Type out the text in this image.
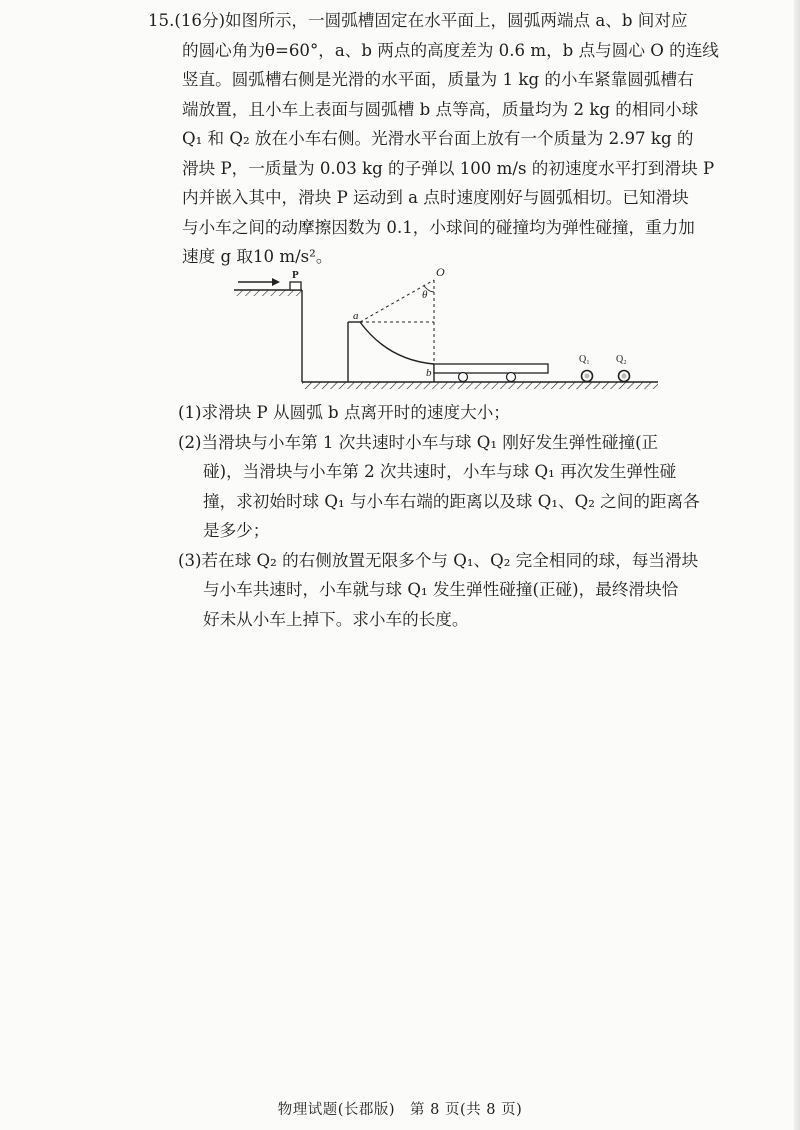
15.(16分)如图所示，一圆弧槽固定在水平面上，圆弧两端点 a、b 间对应
的圆心角为θ=60°，a、b 两点的高度差为 0.6 m，b 点与圆心 O 的连线
竖直。圆弧槽右侧是光滑的水平面，质量为 1 kg 的小车紧靠圆弧槽右
端放置，且小车上表面与圆弧槽 b 点等高，质量均为 2 kg 的相同小球
Q₁ 和 Q₂ 放在小车右侧。光滑水平台面上放有一个质量为 2.97 kg 的
滑块 P，一质量为 0.03 kg 的子弹以 100 m/s 的初速度水平打到滑块 P
内并嵌入其中，滑块 P 运动到 a 点时速度刚好与圆弧相切。已知滑块
与小车之间的动摩擦因数为 0.1，小球间的碰撞均为弹性碰撞，重力加
速度 g 取10 m/s²。
P	O
θ
a
b
Q₁	Q₂
(1)求滑块 P 从圆弧 b 点离开时的速度大小；
(2)当滑块与小车第 1 次共速时小车与球 Q₁ 刚好发生弹性碰撞(正
碰)，当滑块与小车第 2 次共速时，小车与球 Q₁ 再次发生弹性碰
撞，求初始时球 Q₁ 与小车右端的距离以及球 Q₁、Q₂ 之间的距离各
是多少；
(3)若在球 Q₂ 的右侧放置无限多个与 Q₁、Q₂ 完全相同的球，每当滑块
与小车共速时，小车就与球 Q₁ 发生弹性碰撞(正碰)，最终滑块恰
好未从小车上掉下。求小车的长度。
物理试题(长郡版)　第 8 页(共 8 页)
